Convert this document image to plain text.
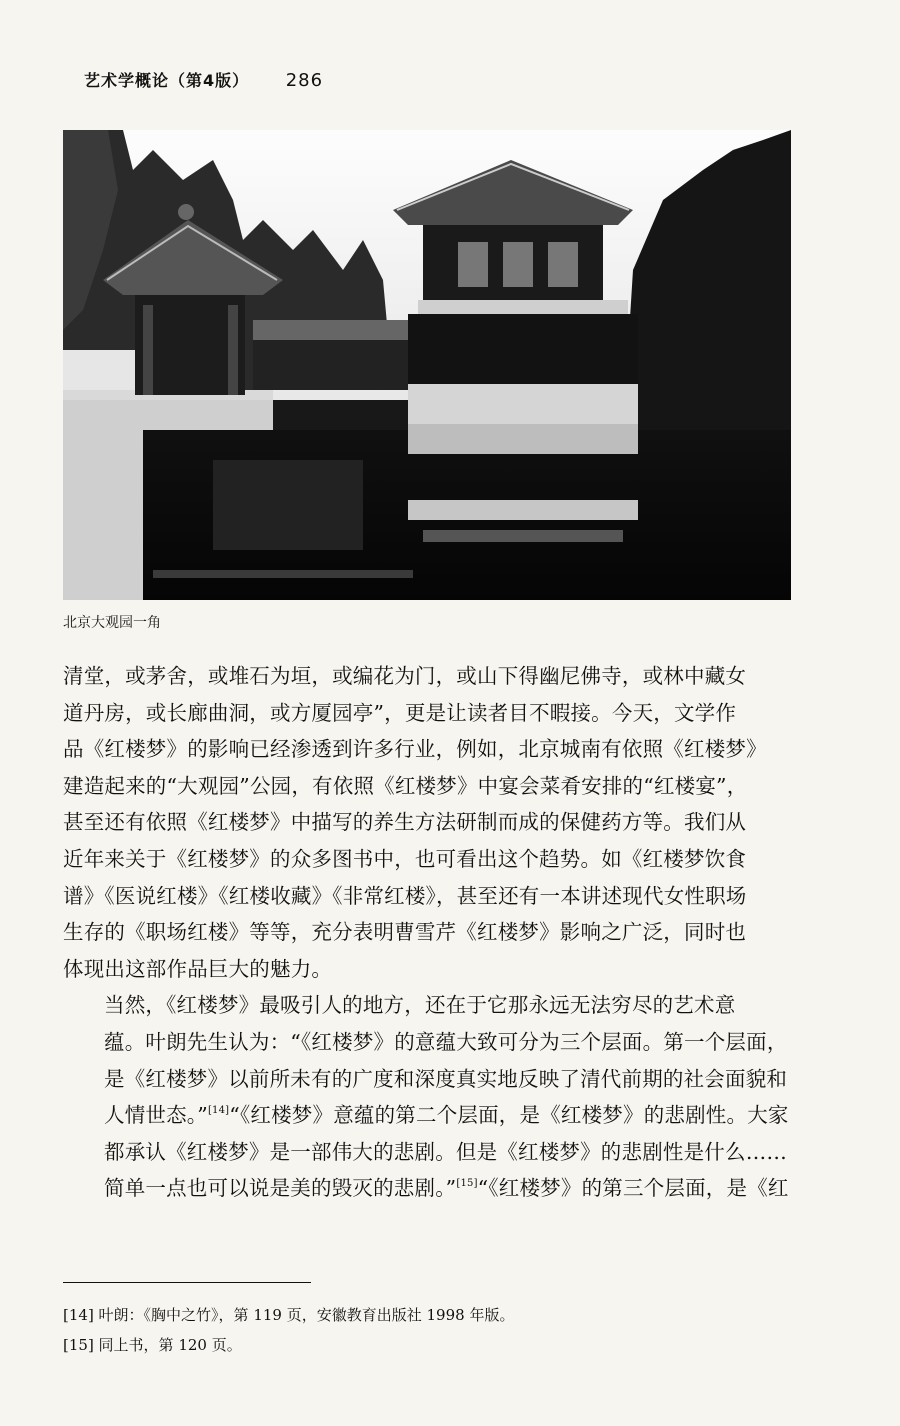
艺术学概论（第4版） 286
北京大观园一角

清堂，或茅舍，或堆石为垣，或编花为门，或山下得幽尼佛寺，或林中藏女
道丹房，或长廊曲洞，或方厦园亭”，更是让读者目不暇接。今天，文学作
品《红楼梦》的影响已经渗透到许多行业，例如，北京城南有依照《红楼梦》
建造起来的“大观园”公园，有依照《红楼梦》中宴会菜肴安排的“红楼宴”，
甚至还有依照《红楼梦》中描写的养生方法研制而成的保健药方等。我们从
近年来关于《红楼梦》的众多图书中，也可看出这个趋势。如《红楼梦饮食
谱》《医说红楼》《红楼收藏》《非常红楼》，甚至还有一本讲述现代女性职场
生存的《职场红楼》等等，充分表明曹雪芹《红楼梦》影响之广泛，同时也
体现出这部作品巨大的魅力。

当然，《红楼梦》最吸引人的地方，还在于它那永远无法穷尽的艺术意
蕴。叶朗先生认为：“《红楼梦》的意蕴大致可分为三个层面。第一个层面，
是《红楼梦》以前所未有的广度和深度真实地反映了清代前期的社会面貌和
人情世态。”[14]“《红楼梦》意蕴的第二个层面，是《红楼梦》的悲剧性。大家
都承认《红楼梦》是一部伟大的悲剧。但是《红楼梦》的悲剧性是什么……
简单一点也可以说是美的毁灭的悲剧。”[15]“《红楼梦》的第三个层面，是《红

[14] 叶朗：《胸中之竹》，第 119 页，安徽教育出版社 1998 年版。
[15] 同上书，第 120 页。
